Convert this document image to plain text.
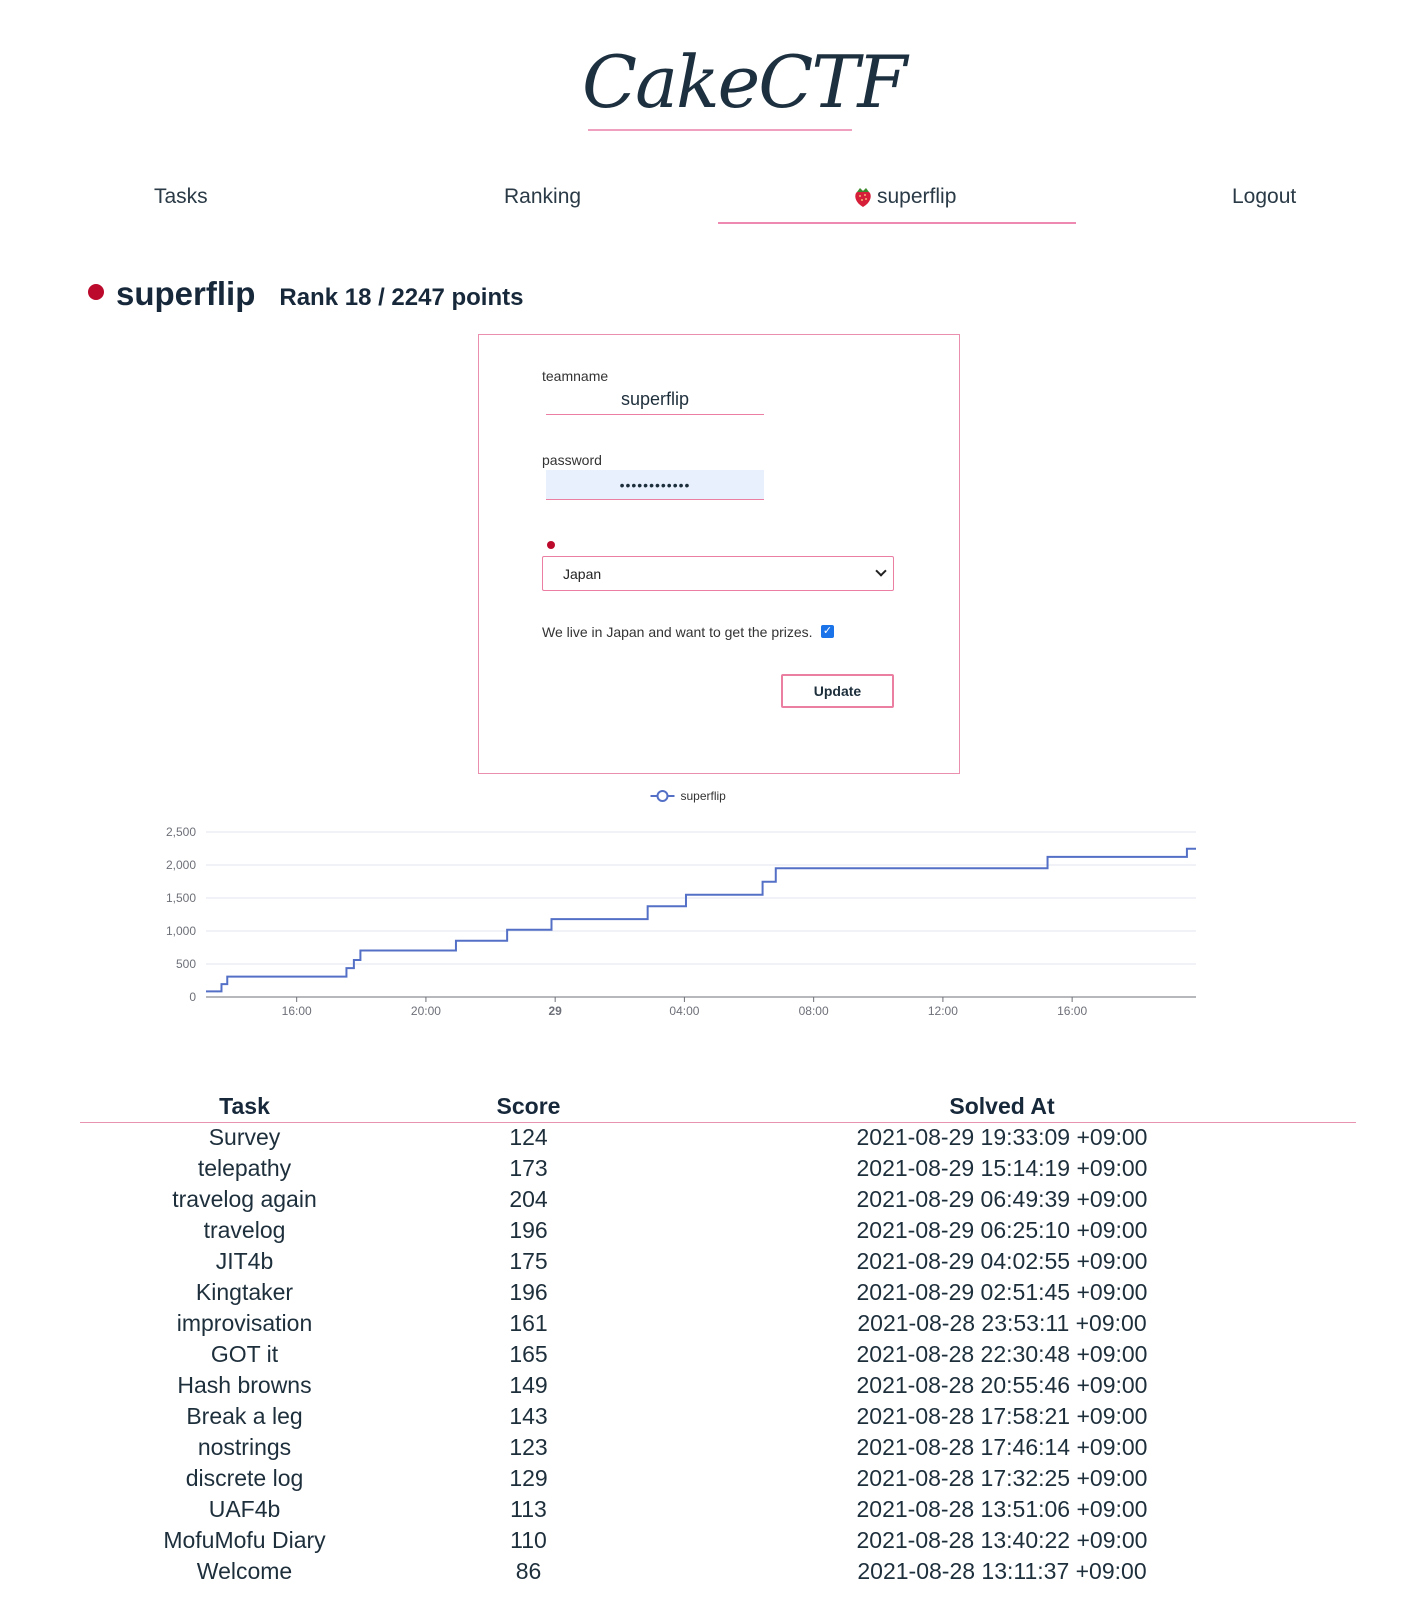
CakeCTF
Tasks	Ranking	superflip	Logout
superflip Rank 18 / 2247 points
teamname
superflip
password
••••••••••••
Japan
We live in Japan and want to get the prizes. ✓
Update
0
500
1,000
1,500
2,000
2,500
16:00	20:00	29	04:00	08:00	12:00	16:00
superflip
Task	Score	Solved At
Survey	124	2021-08-29 19:33:09 +09:00
telepathy	173	2021-08-29 15:14:19 +09:00
travelog again	204	2021-08-29 06:49:39 +09:00
travelog	196	2021-08-29 06:25:10 +09:00
JIT4b	175	2021-08-29 04:02:55 +09:00
Kingtaker	196	2021-08-29 02:51:45 +09:00
improvisation	161	2021-08-28 23:53:11 +09:00
GOT it	165	2021-08-28 22:30:48 +09:00
Hash browns	149	2021-08-28 20:55:46 +09:00
Break a leg	143	2021-08-28 17:58:21 +09:00
nostrings	123	2021-08-28 17:46:14 +09:00
discrete log	129	2021-08-28 17:32:25 +09:00
UAF4b	113	2021-08-28 13:51:06 +09:00
MofuMofu Diary	110	2021-08-28 13:40:22 +09:00
Welcome	86	2021-08-28 13:11:37 +09:00
